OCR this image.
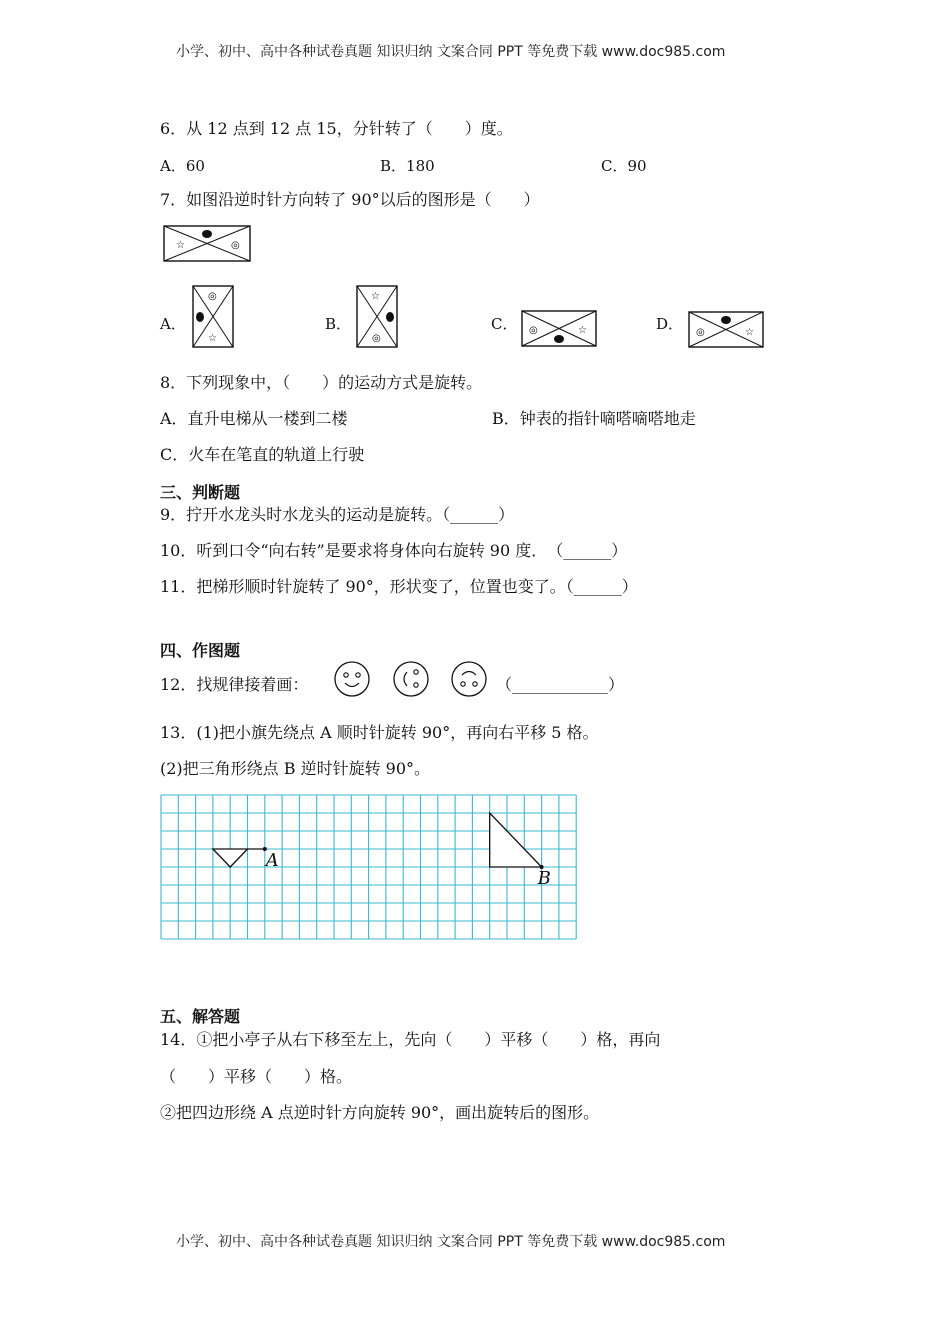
小学、初中、高中各种试卷真题 知识归纳 文案合同 PPT 等免费下载 www.doc985.com
6．从 12 点到 12 点 15，分针转了（　　）度。
A．60	B．180	C．90
7．如图沿逆时针方向转了 90°以后的图形是（　　）
☆	◎
A．
◎
☆
B．
☆
◎
C． ◎	☆	D． ◎	☆
8．下列现象中，（　　）的运动方式是旋转。
A．直升电梯从一楼到二楼	B．钟表的指针嘀嗒嘀嗒地走
C．火车在笔直的轨道上行驶
三、判断题
9．拧开水龙头时水龙头的运动是旋转。（______）
10．听到口令“向右转”是要求将身体向右旋转 90 度．　（______）
11．把梯形顺时针旋转了 90°，形状变了，位置也变了。（______）
四、作图题
12．找规律接着画：	（____________）
13．(1)把小旗先绕点 A 顺时针旋转 90°，再向右平移 5 格。
(2)把三角形绕点 B 逆时针旋转 90°。
A
B
五、解答题
14．①把小亭子从右下移至左上，先向（　　）平移（　　）格，再向
（　　）平移（　　）格。
②把四边形绕 A 点逆时针方向旋转 90°，画出旋转后的图形。
小学、初中、高中各种试卷真题 知识归纳 文案合同 PPT 等免费下载 www.doc985.com
